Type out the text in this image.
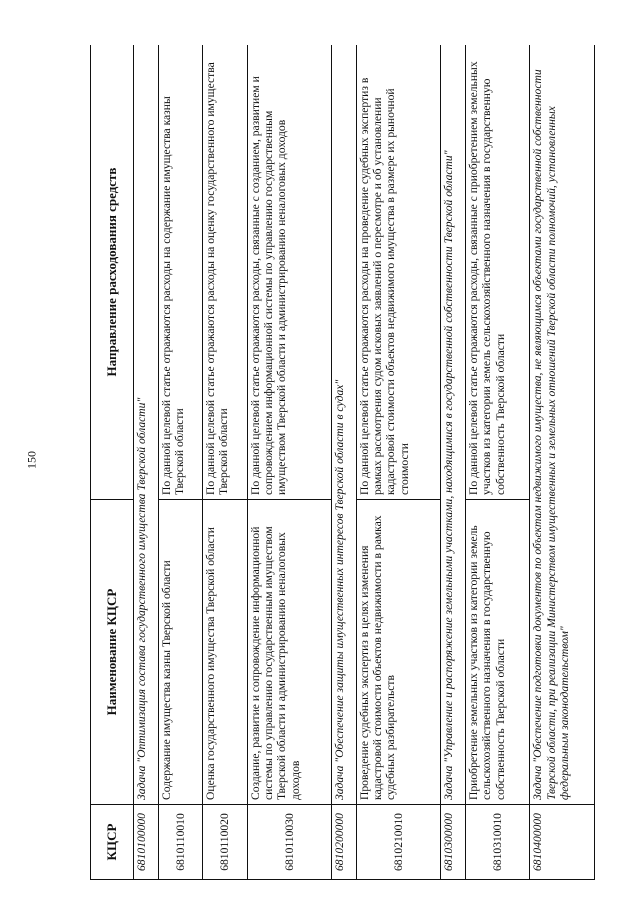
150
КЦСР	Наименование КЦСР	Направление расходования средств
6810100000	Задача "Оптимизация состава государственного имущества Тверской области"	
6810110010	Содержание имущества казны Тверской области	По данной целевой статье отражаются расходы на содержание имущества казны Тверской области
6810110020	Оценка государственного имущества Тверской области	По данной целевой статье отражаются расходы на оценку государственного имущества Тверской области
6810110030	Создание, развитие и сопровождение информационной системы по управлению государственным имуществом Тверской области и администрированию неналоговых доходов	По данной целевой статье отражаются расходы, связанные с созданием, развитием и сопровождением информационной системы по управлению государственным имуществом Тверской области и администрированию неналоговых доходов
6810200000	Задача "Обеспечение защиты имущественных интересов Тверской области в судах"	
6810210010	Проведение судебных экспертиз в целях изменения кадастровой стоимости объектов недвижимости в рамках судебных разбирательств	По данной целевой статье отражаются расходы на проведение судебных экспертиз в рамках рассмотрения судом исковых заявлений о пересмотре и об установлении кадастровой стоимости объектов недвижимого имущества в размере их рыночной стоимости
6810300000	Задача "Управление и распоряжение земельными участками, находящимися в государственной собственности Тверской области"	
6810310010	Приобретение земельных участков из категории земель сельскохозяйственного назначения в государственную собственность Тверской области	По данной целевой статье отражаются расходы, связанные с приобретением земельных участков из категории земель сельскохозяйственного назначения в государственную собственность Тверской области
6810400000	Задача "Обеспечение подготовки документов по объектам недвижимого имущества, не являющимся объектами государственной собственности Тверской области, при реализации Министерством имущественных и земельных отношений Тверской области полномочий, установленных федеральным законодательством"	
